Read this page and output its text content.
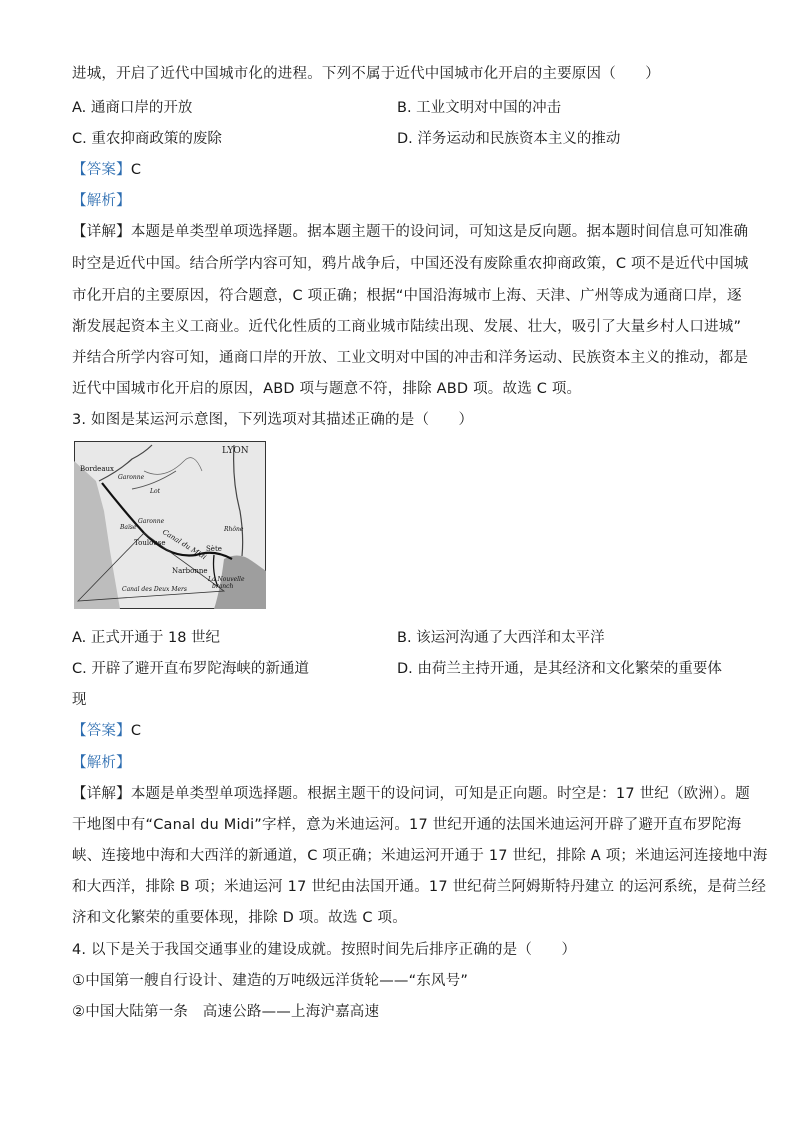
进城，开启了近代中国城市化的进程。下列不属于近代中国城市化开启的主要原因（　　）
A. 通商口岸的开放	B. 工业文明对中国的冲击
C. 重农抑商政策的废除	D. 洋务运动和民族资本主义的推动
【答案】C
【解析】
【详解】本题是单类型单项选择题。据本题主题干的设问词，可知这是反向题。据本题时间信息可知准确
时空是近代中国。结合所学内容可知，鸦片战争后，中国还没有废除重农抑商政策，C 项不是近代中国城
市化开启的主要原因，符合题意，C 项正确；根据“中国沿海城市上海、天津、广州等成为通商口岸，逐
渐发展起资本主义工商业。近代化性质的工商业城市陆续出现、发展、壮大，吸引了大量乡村人口进城”
并结合所学内容可知，通商口岸的开放、工业文明对中国的冲击和洋务运动、民族资本主义的推动，都是
近代中国城市化开启的原因，ABD 项与题意不符，排除 ABD 项。故选 C 项。
3. 如图是某运河示意图，下列选项对其描述正确的是（　　）
LYON
Bordeaux
Garonne
Lot
Baïse
Garonne
Toulouse
Canal du Midi	Rhône
Sète
Narbonne
La Nouvelle
branch
Canal des Deux Mers
A. 正式开通于 18 世纪	B. 该运河沟通了大西洋和太平洋
C. 开辟了避开直布罗陀海峡的新通道	D. 由荷兰主持开通，是其经济和文化繁荣的重要体
现
【答案】C
【解析】
【详解】本题是单类型单项选择题。根据主题干的设问词，可知是正向题。时空是：17 世纪（欧洲）。题
干地图中有“Canal du Midi”字样，意为米迪运河。17 世纪开通的法国米迪运河开辟了避开直布罗陀海
峡、连接地中海和大西洋的新通道，C 项正确；米迪运河开通于 17 世纪，排除 A 项；米迪运河连接地中海
和大西洋，排除 B 项；米迪运河 17 世纪由法国开通。17 世纪荷兰阿姆斯特丹建立 的运河系统，是荷兰经
济和文化繁荣的重要体现，排除 D 项。故选 C 项。
4. 以下是关于我国交通事业的建设成就。按照时间先后排序正确的是（　　）
①中国第一艘自行设计、建造的万吨级远洋货轮——“东风号”
②中国大陆第一条　高速公路——上海沪嘉高速
